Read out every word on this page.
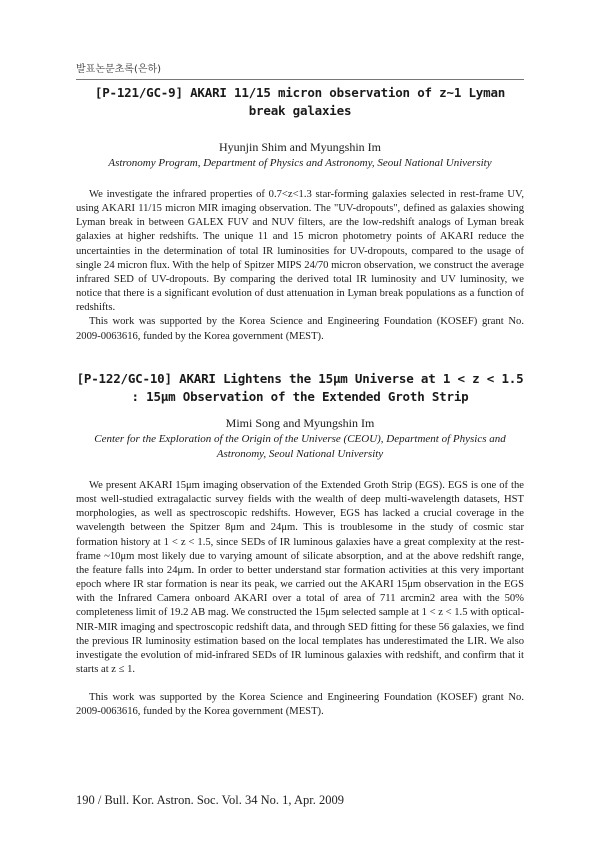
발표논문초록(은하)
[P-121/GC-9] AKARI 11/15 micron observation of z~1 Lyman break galaxies
Hyunjin Shim and Myungshin Im
Astronomy Program, Department of Physics and Astronomy, Seoul National University

We investigate the infrared properties of 0.7<z<1.3 star-forming galaxies selected in rest-frame UV, using AKARI 11/15 micron MIR imaging observation. The "UV-dropouts", defined as galaxies showing Lyman break in between GALEX FUV and NUV filters, are the low-redshift analogs of Lyman break galaxies at higher redshifts. The unique 11 and 15 micron photometry points of AKARI reduce the uncertainties in the determination of total IR luminosities for UV-dropouts, compared to the usage of single 24 micron flux. With the help of Spitzer MIPS 24/70 micron observation, we construct the average infrared SED of UV-dropouts. By comparing the derived total IR luminosity and UV luminosity, we notice that there is a significant evolution of dust attenuation in Lyman break populations as a function of redshifts.

This work was supported by the Korea Science and Engineering Foundation (KOSEF) grant No. 2009-0063616, funded by the Korea government (MEST).

[P-122/GC-10] AKARI Lightens the 15μm Universe at 1 < z < 1.5
: 15μm Observation of the Extended Groth Strip
Mimi Song and Myungshin Im
Center for the Exploration of the Origin of the Universe (CEOU), Department of Physics and Astronomy, Seoul National University

We present AKARI 15μm imaging observation of the Extended Groth Strip (EGS). EGS is one of the most well-studied extragalactic survey fields with the wealth of deep multi-wavelength datasets, HST morphologies, as well as spectroscopic redshifts. However, EGS has lacked a crucial coverage in the wavelength between the Spitzer 8μm and 24μm. This is troublesome in the study of cosmic star formation history at 1 < z < 1.5, since SEDs of IR luminous galaxies have a great complexity at the rest-frame ~10μm most likely due to varying amount of silicate absorption, and at the above redshift range, the feature falls into 24μm. In order to better understand star formation activities at this very important epoch where IR star formation is near its peak, we carried out the AKARI 15μm observation in the EGS with the Infrared Camera onboard AKARI over a total of area of 711 arcmin2 area with the 50% completeness limit of 19.2 AB mag. We constructed the 15μm selected sample at 1 < z < 1.5 with optical-NIR-MIR imaging and spectroscopic redshift data, and through SED fitting for these 56 galaxies, we find the previous IR luminosity estimation based on the local templates has underestimated the LIR. We also investigate the evolution of mid-infrared SEDs of IR luminous galaxies with redshift, and confirm that it starts at z ≤ 1.

This work was supported by the Korea Science and Engineering Foundation (KOSEF) grant No. 2009-0063616, funded by the Korea government (MEST).

190 / Bull. Kor. Astron. Soc. Vol. 34 No. 1, Apr. 2009
